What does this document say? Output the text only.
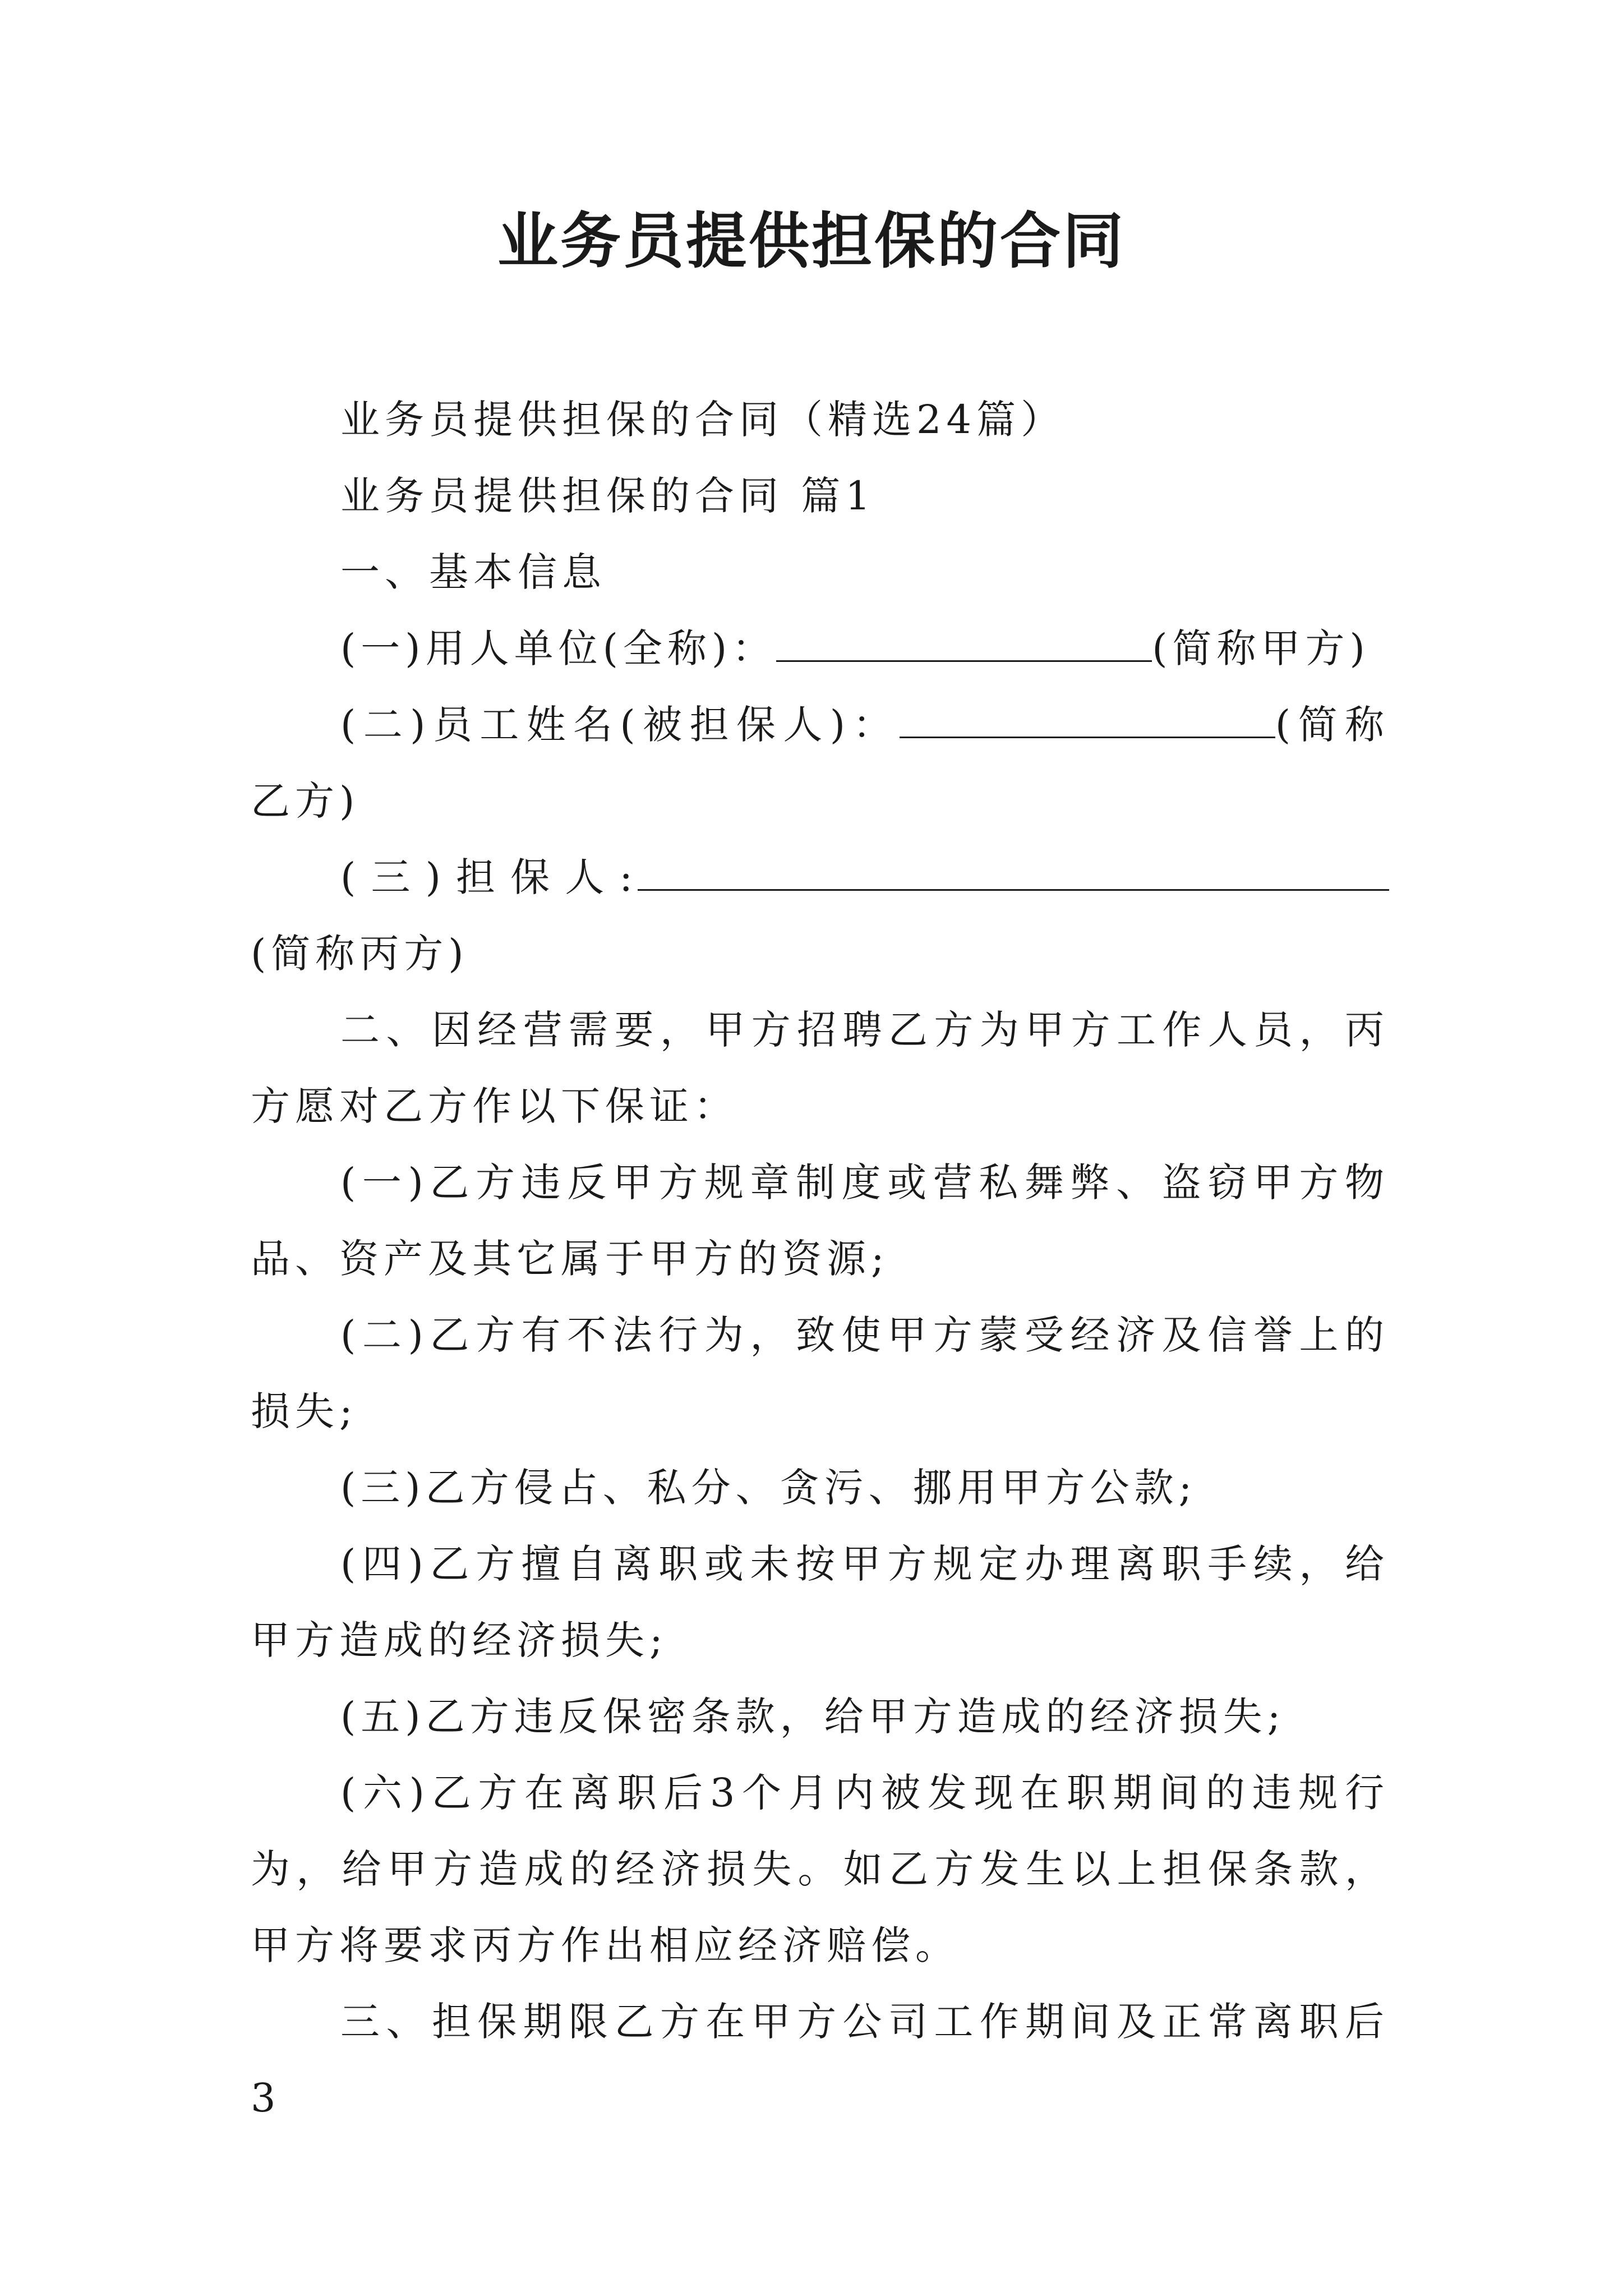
业务员提供担保的合同

业务员提供担保的合同（精选24篇）

业务员提供担保的合同 篇1

一、基本信息

(一)用人单位(全称)：	(简称甲方)

(二)员工姓名(被担保人)：	(简称乙方)

(三)担保人:(简称丙方)

二、因经营需要，甲方招聘乙方为甲方工作人员，丙方愿对乙方作以下保证：

(一)乙方违反甲方规章制度或营私舞弊、盗窃甲方物品、资产及其它属于甲方的资源;

(二)乙方有不法行为，致使甲方蒙受经济及信誉上的损失;

(三)乙方侵占、私分、贪污、挪用甲方公款;

(四)乙方擅自离职或未按甲方规定办理离职手续，给甲方造成的经济损失;

(五)乙方违反保密条款，给甲方造成的经济损失;

(六)乙方在离职后3个月内被发现在职期间的违规行为，给甲方造成的经济损失。如乙方发生以上担保条款，甲方将要求丙方作出相应经济赔偿。

三、担保期限乙方在甲方公司工作期间及正常离职后3
